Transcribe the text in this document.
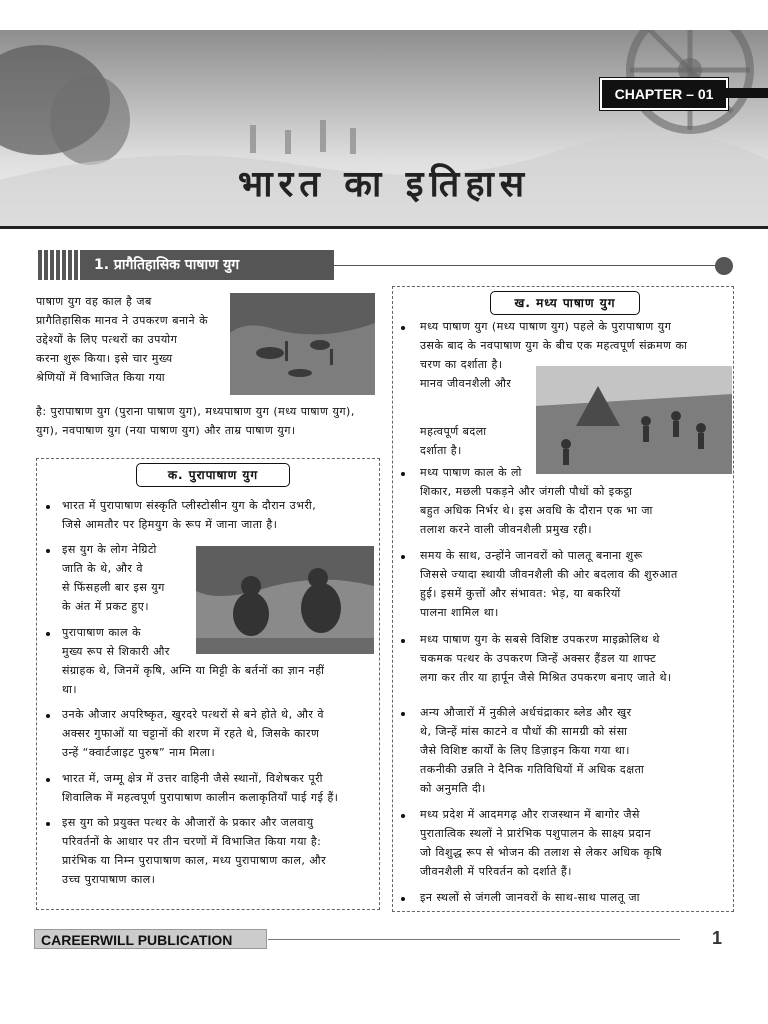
CHAPTER – 01
भारत का इतिहास
1. प्रागैतिहासिक पाषाण युग
पाषाण युग वह काल है जब
प्रागैतिहासिक मानव ने उपकरण बनाने के
उद्देश्यों के लिए पत्थरों का उपयोग
करना शुरू किया। इसे चार मुख्य
श्रेणियों में विभाजित किया गया
है: पुरापाषाण युग (पुराना पाषाण युग), मध्यपाषाण युग (मध्य पाषाण युग),
युग), नवपाषाण युग (नया पाषाण युग) और ताम्र पाषाण युग।
क. पुरापाषाण युग
भारत में पुरापाषाण संस्कृति प्लीस्टोसीन युग के दौरान उभरी,
जिसे आमतौर पर हिमयुग के रूप में जाना जाता है।
इस युग के लोग नेग्रिटो
जाति के थे, और वे
से फिंसहली बार इस युग
के अंत में प्रकट हुए।
पुरापाषाण काल के
मुख्य रूप से शिकारी और
संग्राहक थे, जिनमें कृषि, अग्नि या मिट्टी के बर्तनों का ज्ञान नहीं
था।
उनके औजार अपरिष्कृत, खुरदरे पत्थरों से बने होते थे, और वे
अक्सर गुफाओं या चट्टानों की शरण में रहते थे, जिसके कारण
उन्हें “क्वार्टजाइट पुरुष” नाम मिला।
भारत में, जम्मू क्षेत्र में उत्तर वाहिनी जैसे स्थानों, विशेषकर पूरी
शिवालिक में महत्वपूर्ण पुरापाषाण कालीन कलाकृतियाँ पाई गई हैं।
इस युग को प्रयुक्त पत्थर के औजारों के प्रकार और जलवायु
परिवर्तनों के आधार पर तीन चरणों में विभाजित किया गया है:
प्रारंभिक या निम्न पुरापाषाण काल, मध्य पुरापाषाण काल, और
उच्च पुरापाषाण काल।
ख. मध्य पाषाण युग
मध्य पाषाण युग (मध्य पाषाण युग) पहले के पुरापाषाण युग
उसके बाद के नवपाषाण युग के बीच एक महत्वपूर्ण संक्रमण का
चरण का दर्शाता है।
मानव जीवनशैली और
महत्वपूर्ण बदला
दर्शाता है।
मध्य पाषाण काल के लो
शिकार, मछली पकड़ने और जंगली पौधों को इकट्ठा
बहुत अधिक निर्भर थे। इस अवधि के दौरान एक भा जा
तलाश करने वाली जीवनशैली प्रमुख रही।
समय के साथ, उन्होंने जानवरों को पालतू बनाना शुरू
जिससे ज्यादा स्थायी जीवनशैली की ओर बदलाव की शुरुआत
हुई। इसमें कुत्तों और संभावत: भेड़, या बकरियों
पालना शामिल था।
मध्य पाषाण युग के सबसे विशिष्ट उपकरण माइक्रोलिथ थे
चकमक पत्थर के उपकरण जिन्हें अक्सर हैंडल या शाफ्ट
लगा कर तीर या हार्पून जैसे मिश्रित उपकरण बनाए जाते थे।
अन्य औजारों में नुकीले अर्धचंद्राकार ब्लेड और खुर
थे, जिन्हें मांस काटने व पौधों की सामग्री को संसा
जैसे विशिष्ट कार्यों के लिए डिज़ाइन किया गया था।
तकनीकी उन्नति ने दैनिक गतिविधियों में अधिक दक्षता
को अनुमति दी।
मध्य प्रदेश में आदमगढ़ और राजस्थान में बागोर जैसे
पुरातात्विक स्थलों ने प्रारंभिक पशुपालन के साक्ष्य प्रदान
जो विशुद्ध रूप से भोजन की तलाश से लेकर अधिक कृषि
जीवनशैली में परिवर्तन को दर्शाते हैं।
इन स्थलों से जंगली जानवरों के साथ-साथ पालतू जा
CAREERWILL PUBLICATION	1
